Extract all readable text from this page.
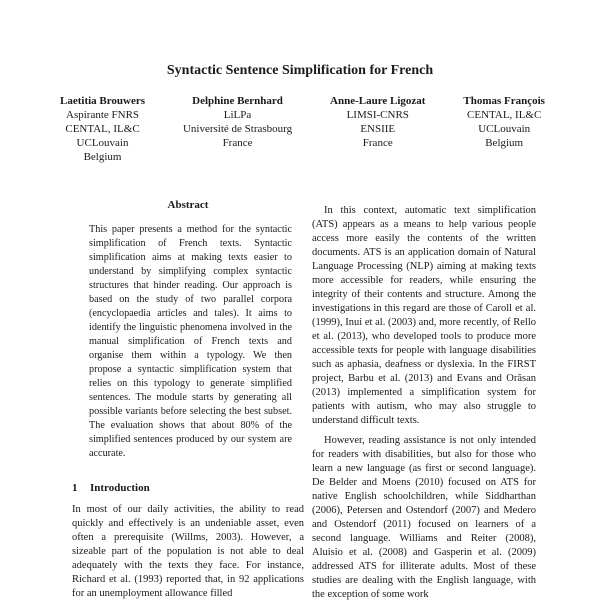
Syntactic Sentence Simplification for French
Laetitia Brouwers
Aspirante FNRS
CENTAL, IL&C
UCLouvain
Belgium
Delphine Bernhard
LiLPa
Université de Strasbourg
France
Anne-Laure Ligozat
LIMSI-CNRS
ENSIIE
France
Thomas François
CENTAL, IL&C
UCLouvain
Belgium
Abstract
This paper presents a method for the syntactic simplification of French texts. Syntactic simplification aims at making texts easier to understand by simplifying complex syntactic structures that hinder reading. Our approach is based on the study of two parallel corpora (encyclopaedia articles and tales). It aims to identify the linguistic phenomena involved in the manual simplification of French texts and organise them within a typology. We then propose a syntactic simplification system that relies on this typology to generate simplified sentences. The module starts by generating all possible variants before selecting the best subset. The evaluation shows that about 80% of the simplified sentences produced by our system are accurate.
1 Introduction

In most of our daily activities, the ability to read quickly and effectively is an undeniable asset, even often a prerequisite (Willms, 2003). However, a sizeable part of the population is not able to deal adequately with the texts they face. For instance, Richard et al. (1993) reported that, in 92 applications for an unemployment allowance filled

In this context, automatic text simplification (ATS) appears as a means to help various people access more easily the contents of the written documents. ATS is an application domain of Natural Language Processing (NLP) aiming at making texts more accessible for readers, while ensuring the integrity of their contents and structure. Among the investigations in this regard are those of Caroll et al. (1999), Inui et al. (2003) and, more recently, of Rello et al. (2013), who developed tools to produce more accessible texts for people with language disabilities such as aphasia, deafness or dyslexia. In the FIRST project, Barbu et al. (2013) and Evans and Orăsan (2013) implemented a simplification system for patients with autism, who may also struggle to understand difficult texts.

However, reading assistance is not only intended for readers with disabilities, but also for those who learn a new language (as first or second language). De Belder and Moens (2010) focused on ATS for native English schoolchildren, while Siddharthan (2006), Petersen and Ostendorf (2007) and Medero and Ostendorf (2011) focused on learners of a second language. Williams and Reiter (2008), Aluisio et al. (2008) and Gasperin et al. (2009) addressed ATS for illiterate adults. Most of these studies are dealing with the English language, with the exception of some work
